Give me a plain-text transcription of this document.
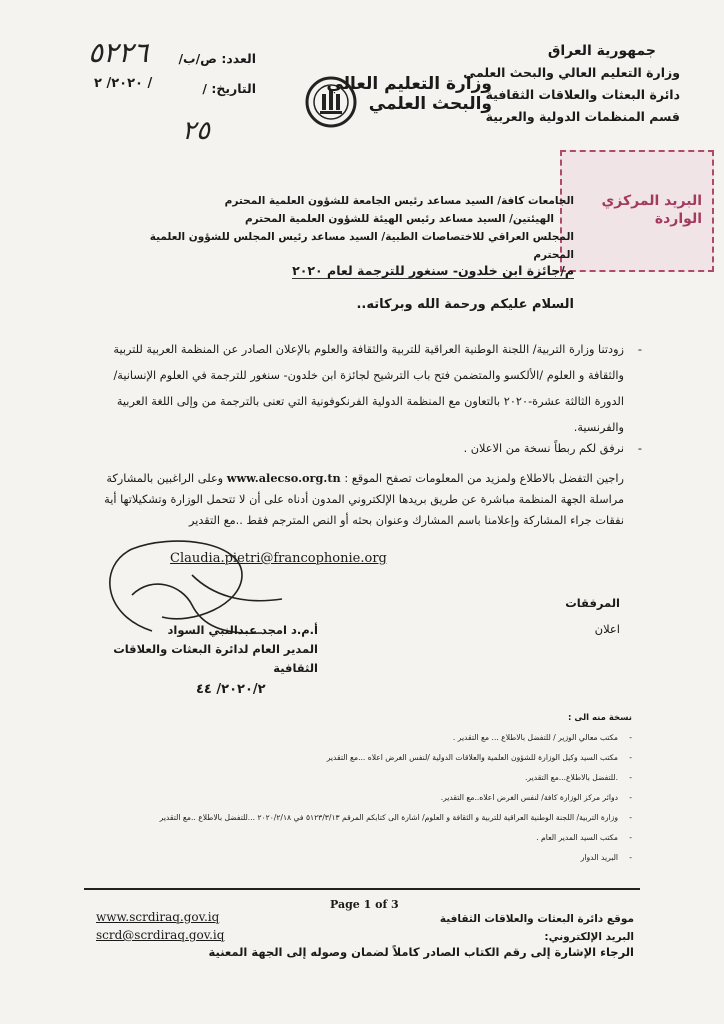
جمهورية العراق
وزارة التعليم العالي والبحث العلمي
دائرة البعثات والعلاقات الثقافية
قسم المنظمات الدولية والعربية
وزارة التعليم العالي
والبحث العلمي
العدد: ص/ب/
التاريخ: /
٥٢٢٦
٢٠٢٠/ ٢ /
٢٥
البريد المركزي
الواردة
الجامعات كافة/ السيد مساعد رئيس الجامعة للشؤون العلمية المحترم
الهيئتين/ السيد مساعد رئيس الهيئة للشؤون العلمية المحترم
المجلس العراقي للاختصاصات الطبية/ السيد مساعد رئيس المجلس للشؤون العلمية المحترم
م/جائزة ابن خلدون- سنغور للترجمة لعام ٢٠٢٠
السلام عليكم ورحمة الله وبركاته..
-
زودتنا وزارة التربية/ اللجنة الوطنية العراقية للتربية والثقافة والعلوم بالإعلان الصادر عن المنظمة العربية للتربية والثقافة و العلوم /الألكسو والمتضمن فتح باب الترشيح لجائزة ابن خلدون- سنغور للترجمة في العلوم الإنسانية/ الدورة الثالثة عشرة-٢٠٢٠ بالتعاون مع المنظمة الدولية الفرنكوفونية التي تعنى بالترجمة من وإلى اللغة العربية والفرنسية.
-
نرفق لكم ربطاً نسخة من الاعلان .
راجين التفضل بالاطلاع ولمزيد من المعلومات تصفح الموقع : www.alecso.org.tn وعلى الراغبين بالمشاركة مراسلة الجهة المنظمة مباشرة عن طريق بريدها الإلكتروني المدون أدناه على أن لا تتحمل الوزارة وتشكيلاتها أية نفقات جراء المشاركة وإعلامنا باسم المشارك وعنوان بحثه أو النص المترجم فقط ..مع التقدير
Claudia.pietri@francophonie.org
المرفقات
اعلان
أ.م.د امجد عبدالنبي السواد
المدير العام لدائرة البعثات والعلاقات الثقافية
٢٠٢٠/٢/ ٤٤
نسخة منه الى :
- مكتب معالي الوزير / للتفضل بالاطلاع ... مع التقدير .
- مكتب السيد وكيل الوزارة للشؤون العلمية والعلاقات الدولية /لنفس الغرض اعلاه ...مع التقدير
- .للتفضل بالاطلاع...مع التقدير.
- دوائر مركز الوزارة كافة/ لنفس الغرض اعلاه..مع التقدير.
- وزارة التربية/ اللجنة الوطنية العراقية للتربية و الثقافة و العلوم/ اشارة الى كتابكم المرقم ٥١٢٣/٣/١٣ في ٢٠٢٠/٢/١٨ ...للتفضل بالاطلاع ..مع التقدير
- مكتب السيد المدير العام .
- البريد الدوار
Page 1 of 3
www.scrdiraq.gov.iq
scrd@scrdiraq.gov.iq
موقع دائرة البعثات والعلاقات الثقافية
البريد الإلكتروني:
الرجاء الإشارة إلى رقم الكتاب الصادر كاملاً لضمان وصوله إلى الجهة المعنية
